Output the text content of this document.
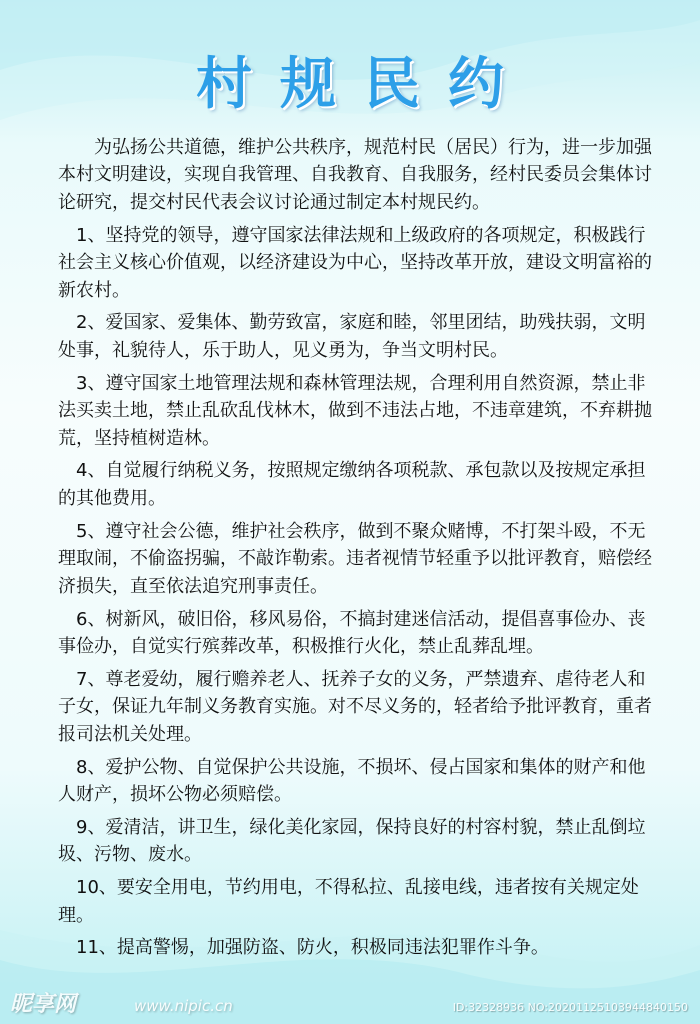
村规民约

为弘扬公共道德，维护公共秩序，规范村民（居民）行为，进一步加强本村文明建设，实现自我管理、自我教育、自我服务，经村民委员会集体讨论研究，提交村民代表会议讨论通过制定本村规民约。

1、坚持党的领导，遵守国家法律法规和上级政府的各项规定，积极践行社会主义核心价值观，以经济建设为中心，坚持改革开放，建设文明富裕的新农村。

2、爱国家、爱集体、勤劳致富，家庭和睦，邻里团结，助残扶弱，文明处事，礼貌待人，乐于助人，见义勇为，争当文明村民。

3、遵守国家土地管理法规和森林管理法规，合理利用自然资源，禁止非法买卖土地，禁止乱砍乱伐林木，做到不违法占地，不违章建筑，不弃耕抛荒，坚持植树造林。

4、自觉履行纳税义务，按照规定缴纳各项税款、承包款以及按规定承担的其他费用。

5、遵守社会公德，维护社会秩序，做到不聚众赌博，不打架斗殴，不无理取闹，不偷盗拐骗，不敲诈勒索。违者视情节轻重予以批评教育，赔偿经济损失，直至依法追究刑事责任。

6、树新风，破旧俗，移风易俗，不搞封建迷信活动，提倡喜事俭办、丧事俭办，自觉实行殡葬改革，积极推行火化，禁止乱葬乱埋。

7、尊老爱幼，履行赡养老人、抚养子女的义务，严禁遗弃、虐待老人和子女，保证九年制义务教育实施。对不尽义务的，轻者给予批评教育，重者报司法机关处理。

8、爱护公物、自觉保护公共设施，不损坏、侵占国家和集体的财产和他人财产，损坏公物必须赔偿。

9、爱清洁，讲卫生，绿化美化家园，保持良好的村容村貌，禁止乱倒垃圾、污物、废水。

10、要安全用电，节约用电，不得私拉、乱接电线，违者按有关规定处理。

11、提高警惕，加强防盗、防火，积极同违法犯罪作斗争。

昵享网	www.nipic.cn	ID:32328936 NO:20201125103944840150
